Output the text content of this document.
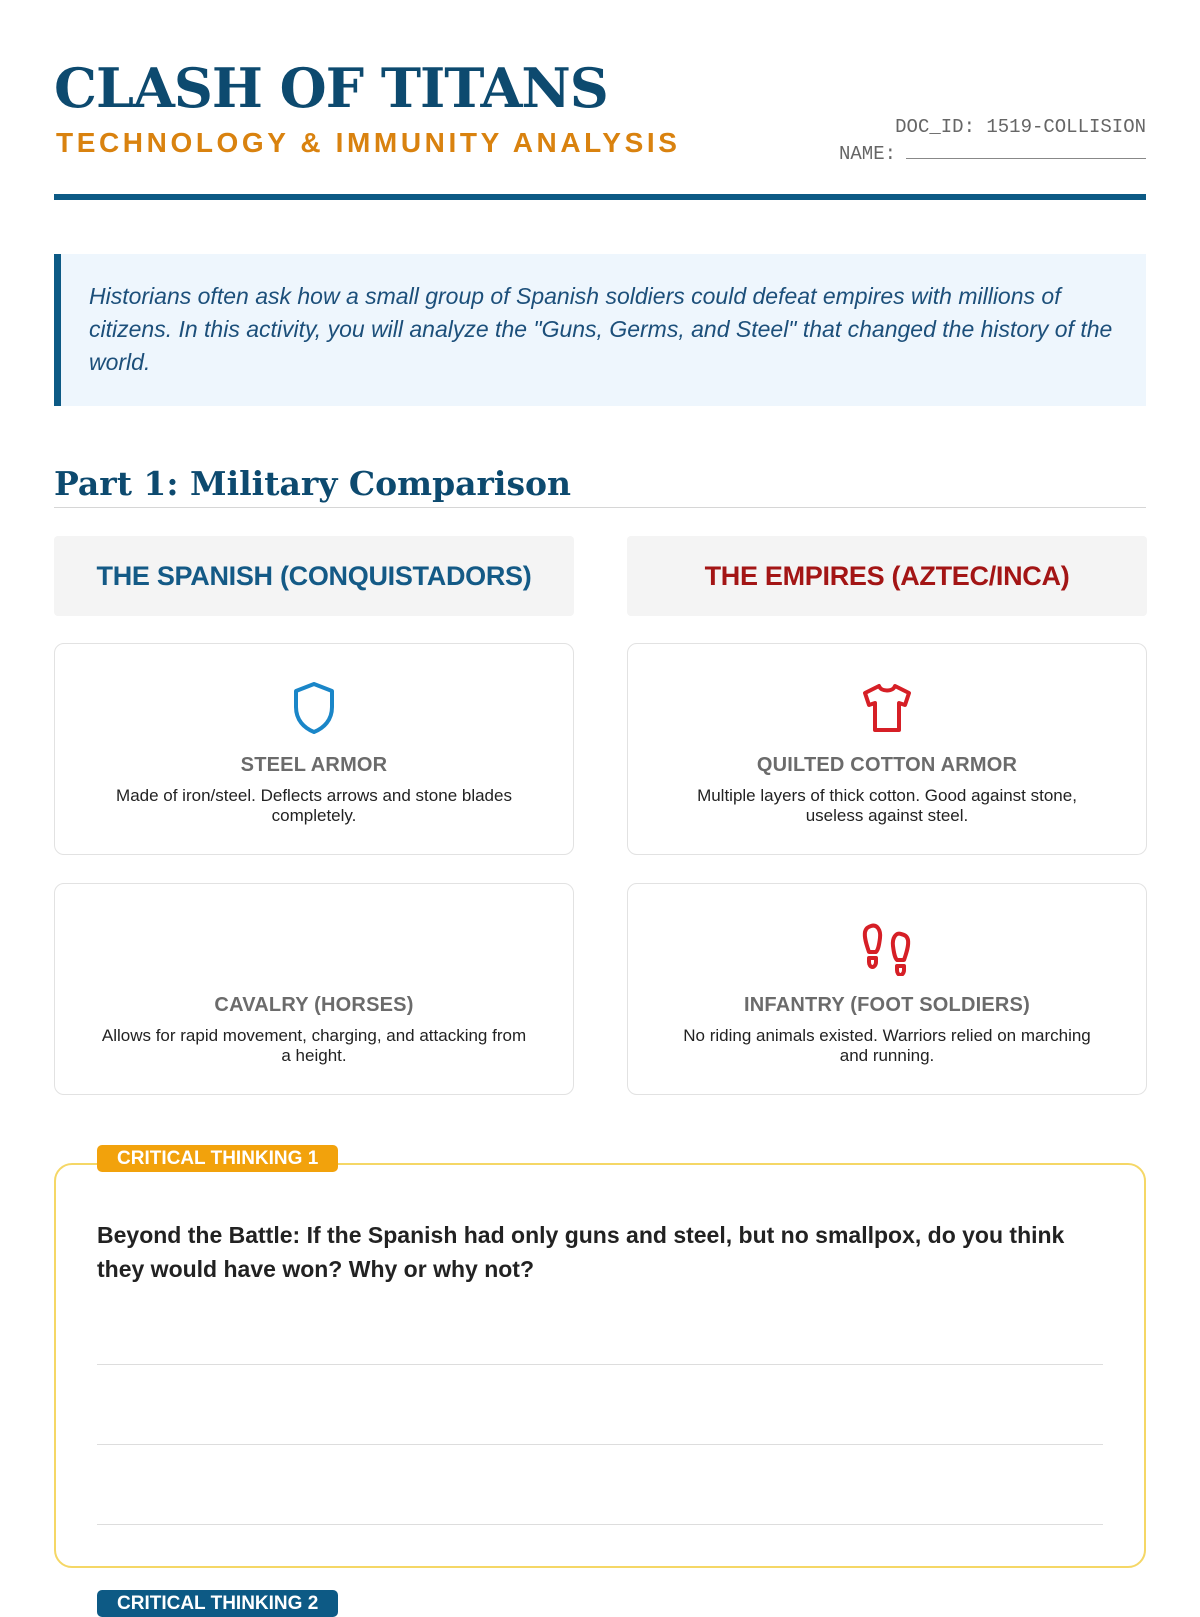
CLASH OF TITANS
TECHNOLOGY & IMMUNITY ANALYSIS	DOC_ID: 1519-COLLISION
NAME:
Historians often ask how a small group of Spanish soldiers could defeat empires with millions of citizens. In this activity, you will analyze the "Guns, Germs, and Steel" that changed the history of the world.
Part 1: Military Comparison
THE SPANISH (CONQUISTADORS)	THE EMPIRES (AZTEC/INCA)
STEEL ARMOR
Made of iron/steel. Deflects arrows and stone blades completely.
QUILTED COTTON ARMOR
Multiple layers of thick cotton. Good against stone, useless against steel.
CAVALRY (HORSES)
Allows for rapid movement, charging, and attacking from a height.
INFANTRY (FOOT SOLDIERS)
No riding animals existed. Warriors relied on marching and running.
CRITICAL THINKING 1
Beyond the Battle: If the Spanish had only guns and steel, but no smallpox, do you think they would have won? Why or why not?
CRITICAL THINKING 2
